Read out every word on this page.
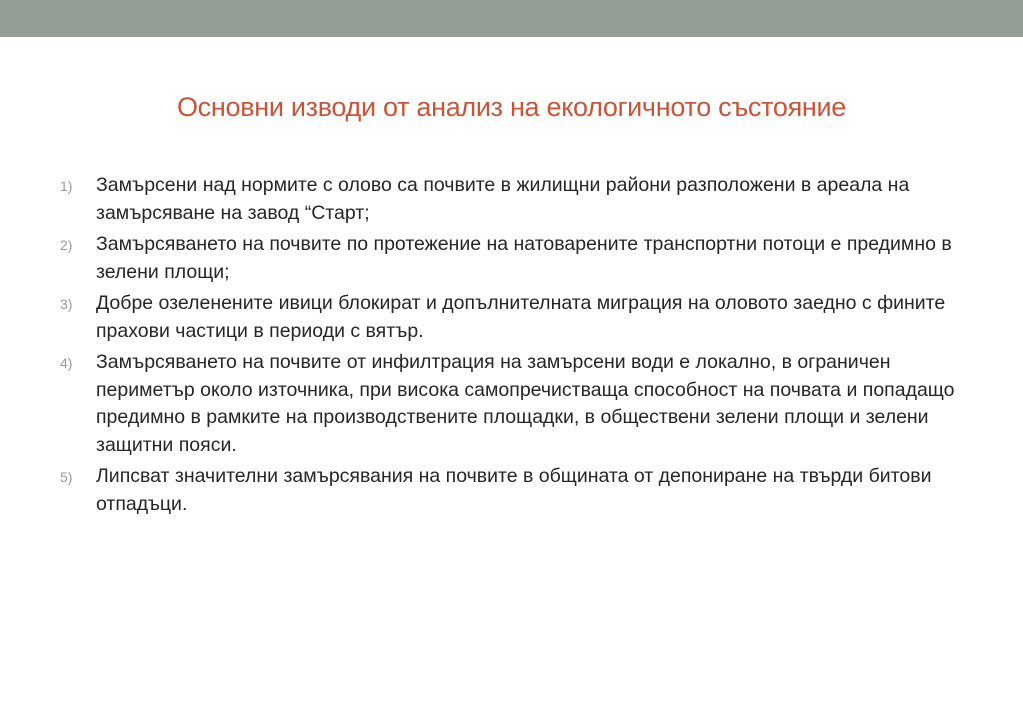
Основни изводи от анализ на екологичното състояние
1)	Замърсени над нормите с олово са почвите в жилищни райони разположени в ареала на замърсяване на завод “Старт;
2)	Замърсяването на почвите по протежение на натоварените транспортни потоци е предимно в зелени площи;
3)	Добре озеленените ивици блокират и допълнителната миграция на оловото заедно с фините прахови частици в периоди с вятър.
4)	Замърсяването на почвите от инфилтрация на замърсени води е локално, в ограничен периметър около източника, при висока самопречистваща способност на почвата и попадащо предимно в рамките на производствените площадки, в обществени зелени площи и зелени защитни пояси.
5)	Липсват значителни замърсявания на почвите в общината от депониране на твърди битови отпадъци.
